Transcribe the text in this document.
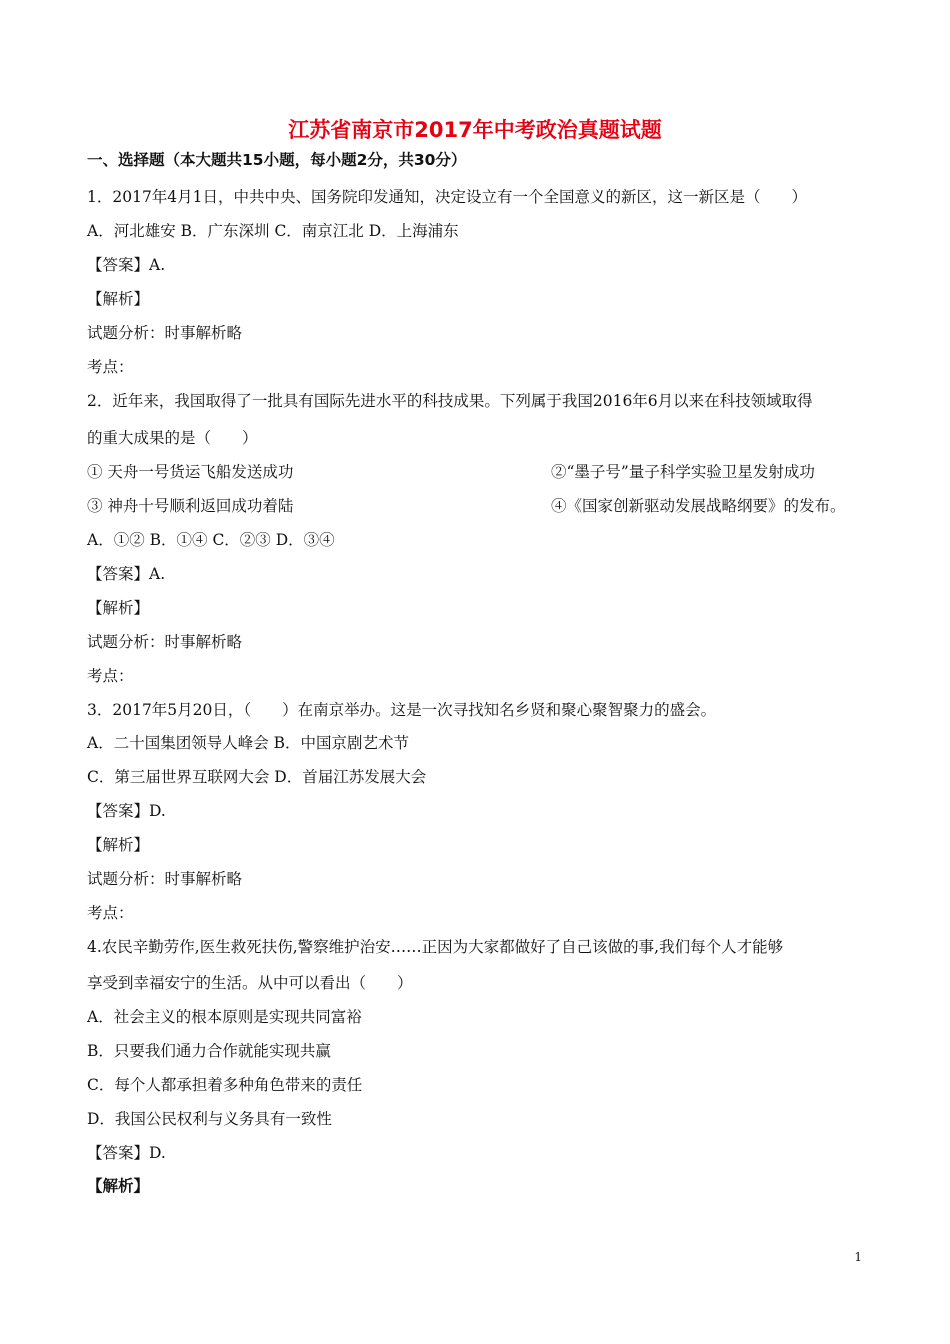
江苏省南京市2017年中考政治真题试题
一、选择题（本大题共15小题，每小题2分，共30分）
1．2017年4月1日，中共中央、国务院印发通知，决定设立有一个全国意义的新区，这一新区是（　　）
A．河北雄安 B．广东深圳 C．南京江北 D．上海浦东
【答案】A.
【解析】
试题分析：时事解析略
考点：
2．近年来，我国取得了一批具有国际先进水平的科技成果。下列属于我国2016年6月以来在科技领域取得
的重大成果的是（　　）
① 天舟一号货运飞船发送成功	②“墨子号”量子科学实验卫星发射成功
③ 神舟十号顺利返回成功着陆	④《国家创新驱动发展战略纲要》的发布。
A．①② B．①④ C．②③ D．③④
【答案】A.
【解析】
试题分析：时事解析略
考点：
3．2017年5月20日，（　　）在南京举办。这是一次寻找知名乡贤和聚心聚智聚力的盛会。
A．二十国集团领导人峰会 B．中国京剧艺术节
C．第三届世界互联网大会 D．首届江苏发展大会
【答案】D.
【解析】
试题分析：时事解析略
考点：
4.农民辛勤劳作,医生救死扶伤,警察维护治安……正因为大家都做好了自己该做的事,我们每个人才能够
享受到幸福安宁的生活。从中可以看出（　　）
A．社会主义的根本原则是实现共同富裕
B．只要我们通力合作就能实现共赢
C．每个人都承担着多种角色带来的责任
D．我国公民权利与义务具有一致性
【答案】D.
【解析】
1
